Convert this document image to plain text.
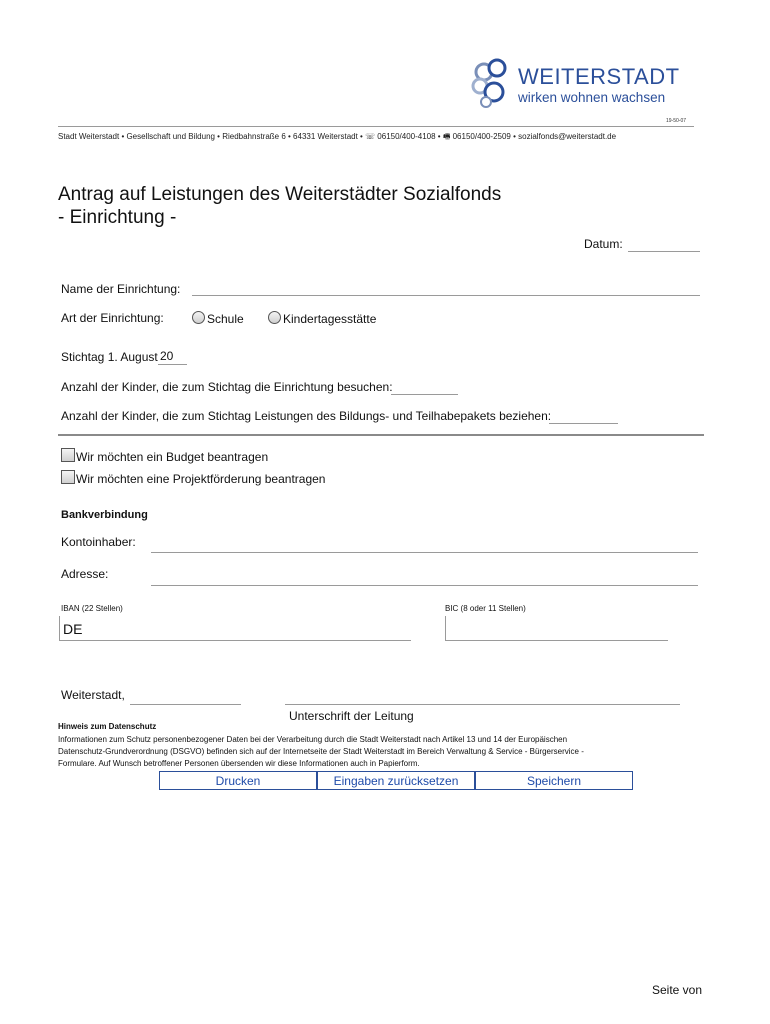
WEITERSTADT
wirken wohnen wachsen
19-50-07
Stadt Weiterstadt • Gesellschaft und Bildung • Riedbahnstraße 6 • 64331 Weiterstadt • ☏ 06150/400-4108 • 🖷 06150/400-2509 • sozialfonds@weiterstadt.de
Antrag auf Leistungen des Weiterstädter Sozialfonds
- Einrichtung -
Datum:
Name der Einrichtung:
Art der Einrichtung:	Schule	Kindertagesstätte
Stichtag 1. August 20
Anzahl der Kinder, die zum Stichtag die Einrichtung besuchen:
Anzahl der Kinder, die zum Stichtag Leistungen des Bildungs- und Teilhabepakets beziehen:
Wir möchten ein Budget beantragen
Wir möchten eine Projektförderung beantragen
Bankverbindung
Kontoinhaber:
Adresse:
IBAN (22 Stellen)
DE
BIC (8 oder 11 Stellen)
Weiterstadt,
Unterschrift der Leitung
Hinweis zum Datenschutz
Informationen zum Schutz personenbezogener Daten bei der Verarbeitung durch die Stadt Weiterstadt nach Artikel 13 und 14 der Europäischen
Datenschutz-Grundverordnung (DSGVO) befinden sich auf der Internetseite der Stadt Weiterstadt im Bereich Verwaltung & Service - Bürgerservice -
Formulare. Auf Wunsch betroffener Personen übersenden wir diese Informationen auch in Papierform.
Drucken	Eingaben zurücksetzen	Speichern
Seite von
